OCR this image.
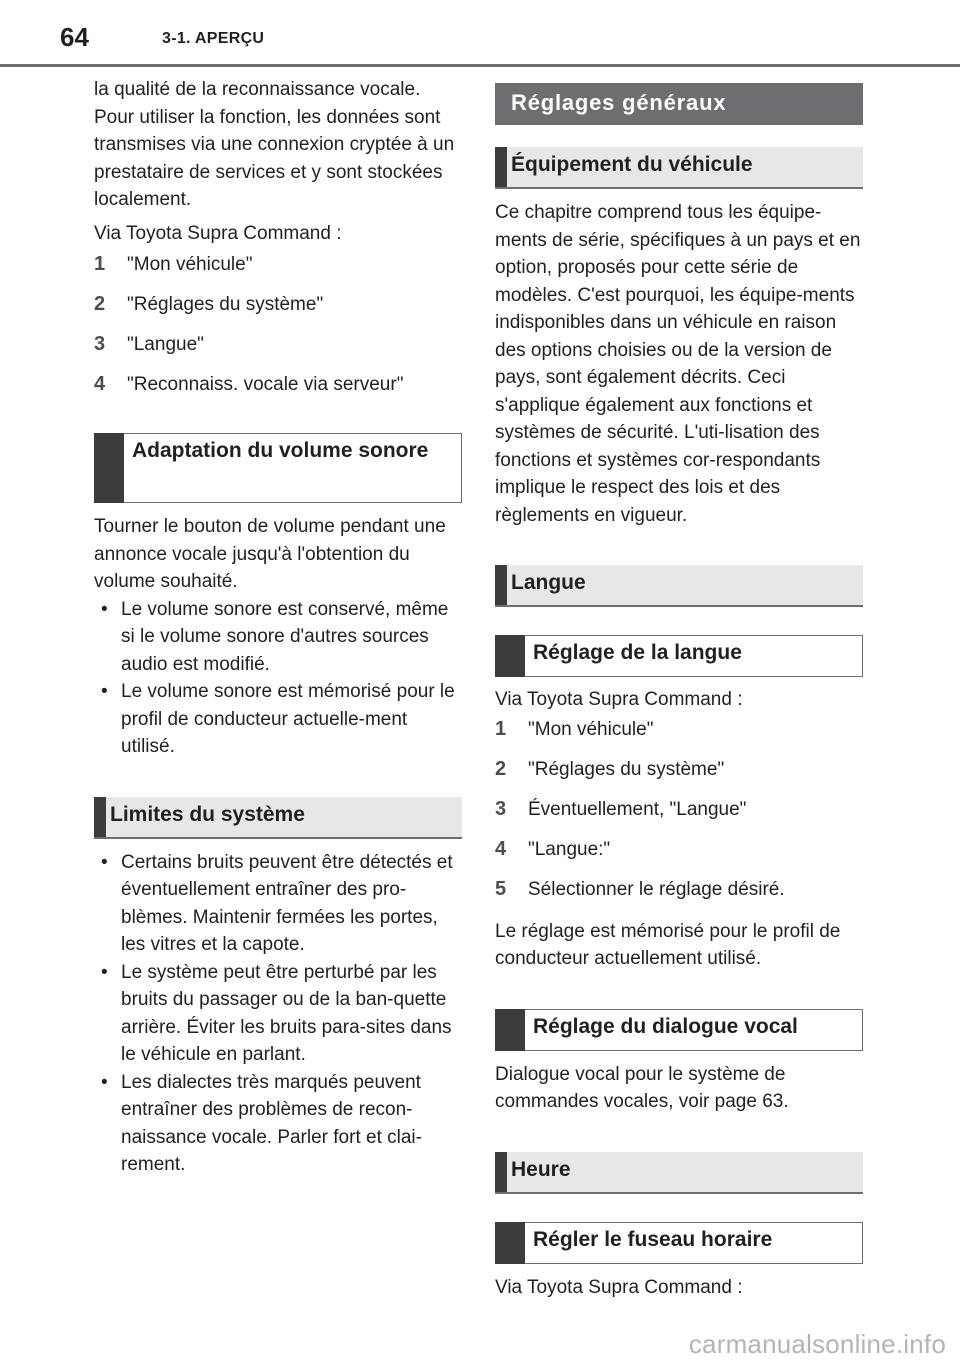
64	3-1. APERÇU

la qualité de la reconnaissance vocale. Pour utiliser la fonction, les données sont transmises via une connexion cryptée à un prestataire de services et y sont stockées localement.

Via Toyota Supra Command :

1	"Mon véhicule"
2	"Réglages du système"
3	"Langue"
4	"Reconnaiss. vocale via serveur"
Adaptation du volume sonore

Tourner le bouton de volume pendant une annonce vocale jusqu'à l'obtention du volume souhaité.

• Le volume sonore est conservé, même si le volume sonore d'autres sources audio est modifié.
• Le volume sonore est mémorisé pour le profil de conducteur actuelle-ment utilisé.
Limites du système
• Certains bruits peuvent être détectés et éventuellement entraîner des pro-blèmes. Maintenir fermées les portes, les vitres et la capote.
• Le système peut être perturbé par les bruits du passager ou de la ban-quette arrière. Éviter les bruits para-sites dans le véhicule en parlant.
• Les dialectes très marqués peuvent entraîner des problèmes de recon-naissance vocale. Parler fort et clai-rement.
Réglages généraux
Équipement du véhicule

Ce chapitre comprend tous les équipe-ments de série, spécifiques à un pays et en option, proposés pour cette série de modèles. C'est pourquoi, les équipe-ments indisponibles dans un véhicule en raison des options choisies ou de la version de pays, sont également décrits. Ceci s'applique également aux fonctions et systèmes de sécurité. L'uti-lisation des fonctions et systèmes cor-respondants implique le respect des lois et des règlements en vigueur.

Langue
Réglage de la langue

Via Toyota Supra Command :

1	"Mon véhicule"
2	"Réglages du système"
3	Éventuellement, "Langue"
4	"Langue:"
5	Sélectionner le réglage désiré.

Le réglage est mémorisé pour le profil de conducteur actuellement utilisé.

Réglage du dialogue vocal

Dialogue vocal pour le système de commandes vocales, voir page 63.

Heure
Régler le fuseau horaire

Via Toyota Supra Command :

carmanualsonline.info
